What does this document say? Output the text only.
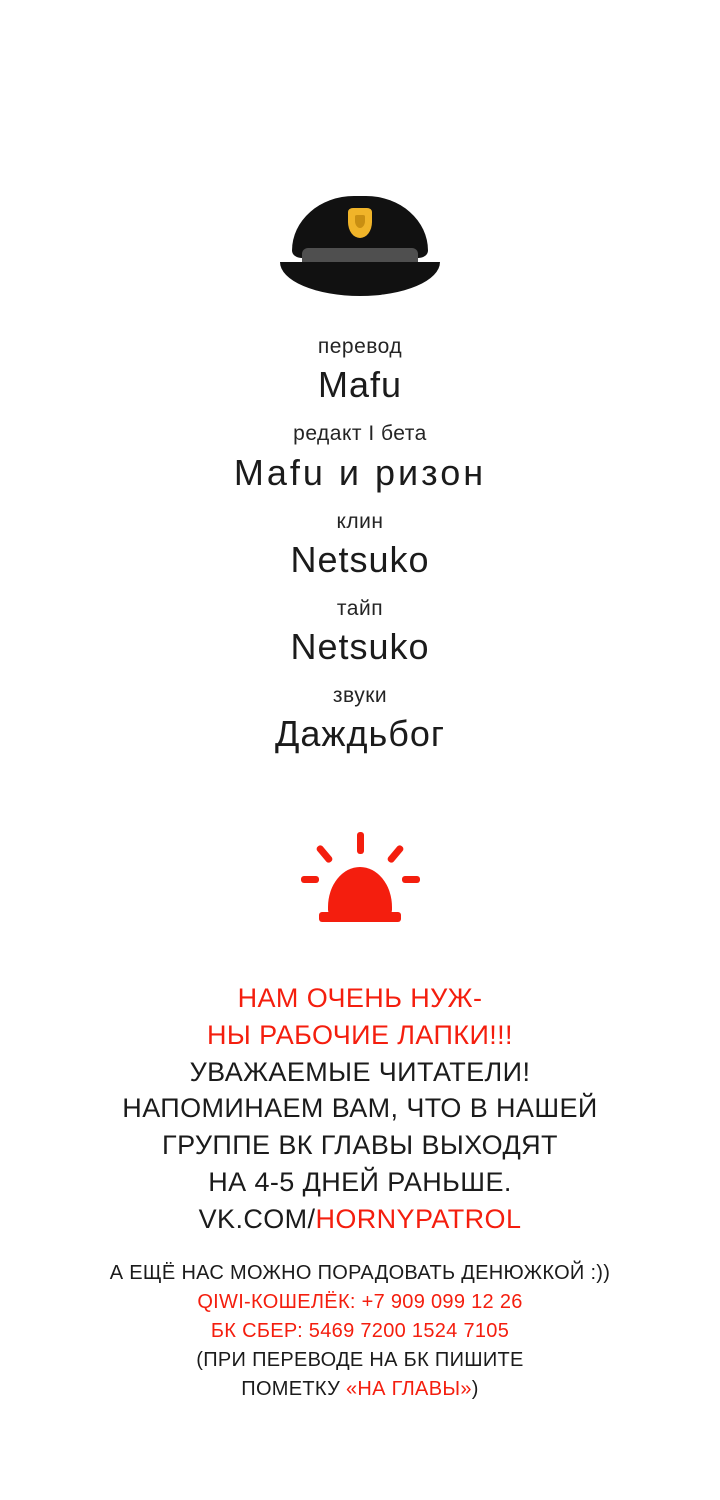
перевод
Mafu
редакт I бета
Mafu и ризон
клин
Netsuko
тайп
Netsuko
звуки
Даждьбог
НАМ ОЧЕНЬ НУЖ-
НЫ РАБОЧИЕ ЛАПКИ!!!
УВАЖАЕМЫЕ ЧИТАТЕЛИ!
НАПОМИНАЕМ ВАМ, ЧТО В НАШЕЙ
ГРУППЕ ВК ГЛАВЫ ВЫХОДЯТ
НА 4-5 ДНЕЙ РАНЬШЕ.
VK.COM/HORNYPATROL
А ЕЩЁ НАС МОЖНО ПОРАДОВАТЬ ДЕНЮЖКОЙ :))
QIWI-КОШЕЛЁК: +7 909 099 12 26
БК СБЕР: 5469 7200 1524 7105
(ПРИ ПЕРЕВОДЕ НА БК ПИШИТЕ
ПОМЕТКУ «НА ГЛАВЫ»)
